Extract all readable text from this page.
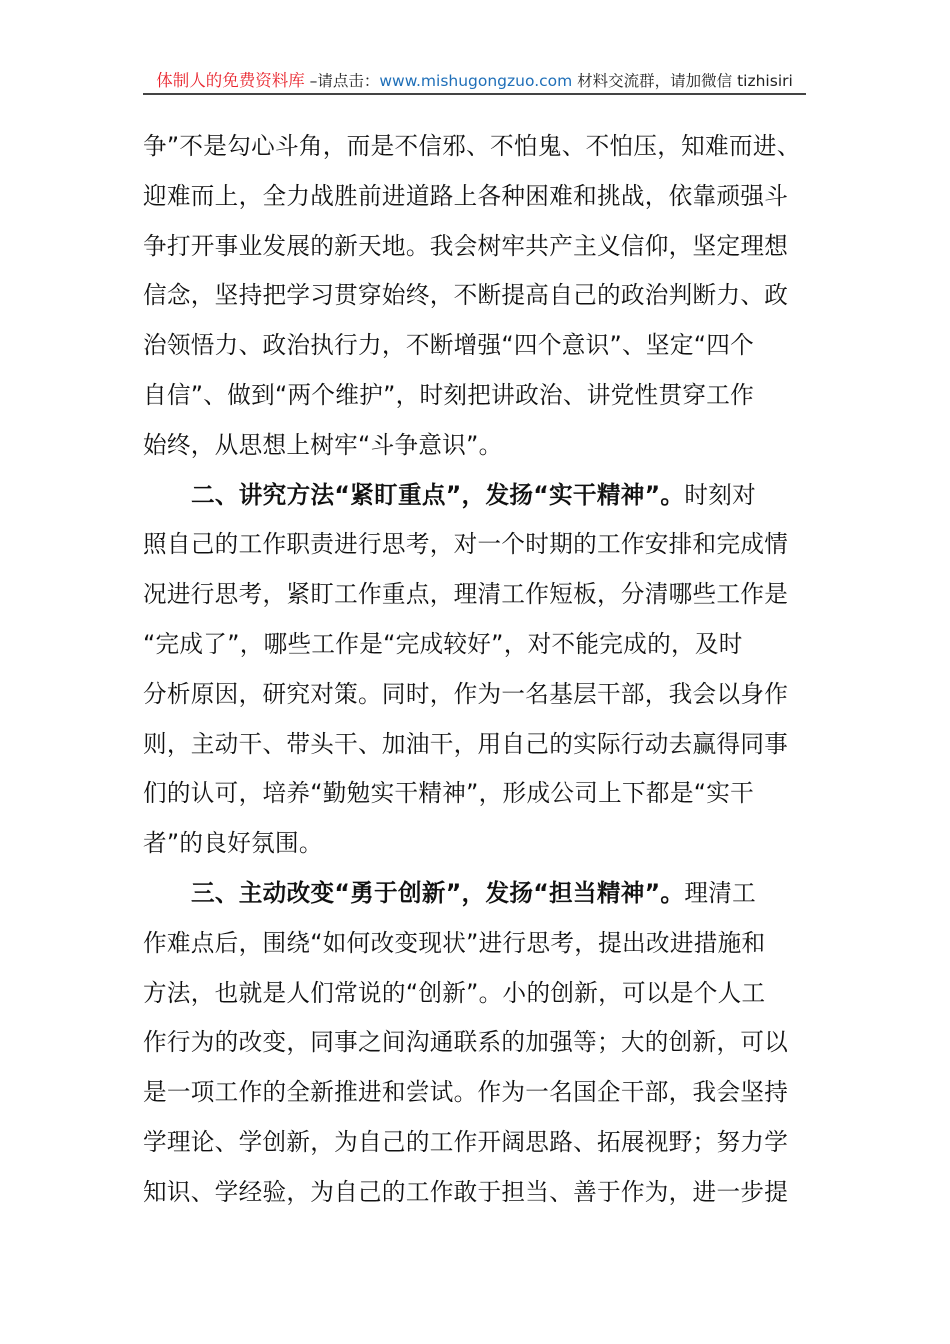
体制人的免费资料库 –请点击：www.mishugongzuo.com 材料交流群，请加微信 tizhisiri
争”不是勾心斗角，而是不信邪、不怕鬼、不怕压，知难而进、
迎难而上，全力战胜前进道路上各种困难和挑战，依靠顽强斗
争打开事业发展的新天地。我会树牢共产主义信仰，坚定理想
信念，坚持把学习贯穿始终，不断提高自己的政治判断力、政
治领悟力、政治执行力，不断增强“四个意识”、坚定“四个
自信”、做到“两个维护”，时刻把讲政治、讲党性贯穿工作
始终，从思想上树牢“斗争意识”。
二、讲究方法“紧盯重点”，发扬“实干精神”。时刻对
照自己的工作职责进行思考，对一个时期的工作安排和完成情
况进行思考，紧盯工作重点，理清工作短板，分清哪些工作是
“完成了”，哪些工作是“完成较好”，对不能完成的，及时
分析原因，研究对策。同时，作为一名基层干部，我会以身作
则，主动干、带头干、加油干，用自己的实际行动去赢得同事
们的认可，培养“勤勉实干精神”，形成公司上下都是“实干
者”的良好氛围。
三、主动改变“勇于创新”，发扬“担当精神”。理清工
作难点后，围绕“如何改变现状”进行思考，提出改进措施和
方法，也就是人们常说的“创新”。小的创新，可以是个人工
作行为的改变，同事之间沟通联系的加强等；大的创新，可以
是一项工作的全新推进和尝试。作为一名国企干部，我会坚持
学理论、学创新，为自己的工作开阔思路、拓展视野；努力学
知识、学经验，为自己的工作敢于担当、善于作为，进一步提
